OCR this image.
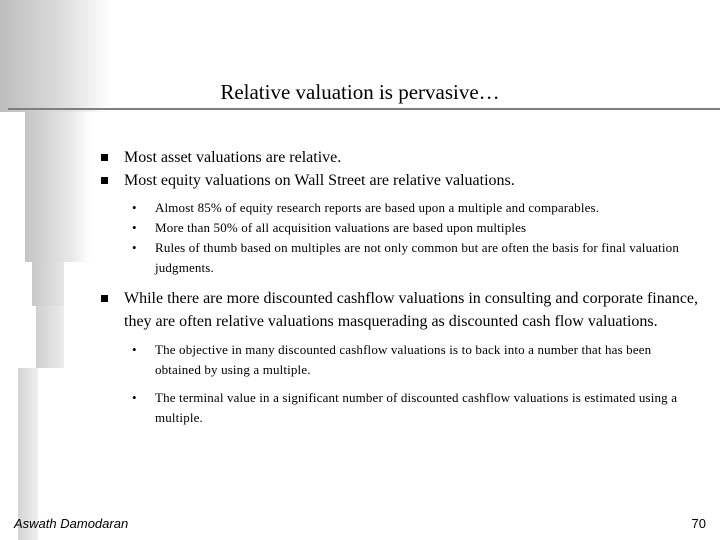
Relative valuation is pervasive…

Most asset valuations are relative.

Most equity valuations on Wall Street are relative valuations.

• Almost 85% of equity research reports are based upon a multiple and comparables.

• More than 50% of all acquisition valuations are based upon multiples

• Rules of thumb based on multiples are not only common but are often the basis for final valuation judgments.

While there are more discounted cashflow valuations in consulting and corporate finance, they are often relative valuations masquerading as discounted cash flow valuations.

• The objective in many discounted cashflow valuations is to back into a number that has been obtained by using a multiple.

• The terminal value in a significant number of discounted cashflow valuations is estimated using a multiple.

Aswath Damodaran	70
